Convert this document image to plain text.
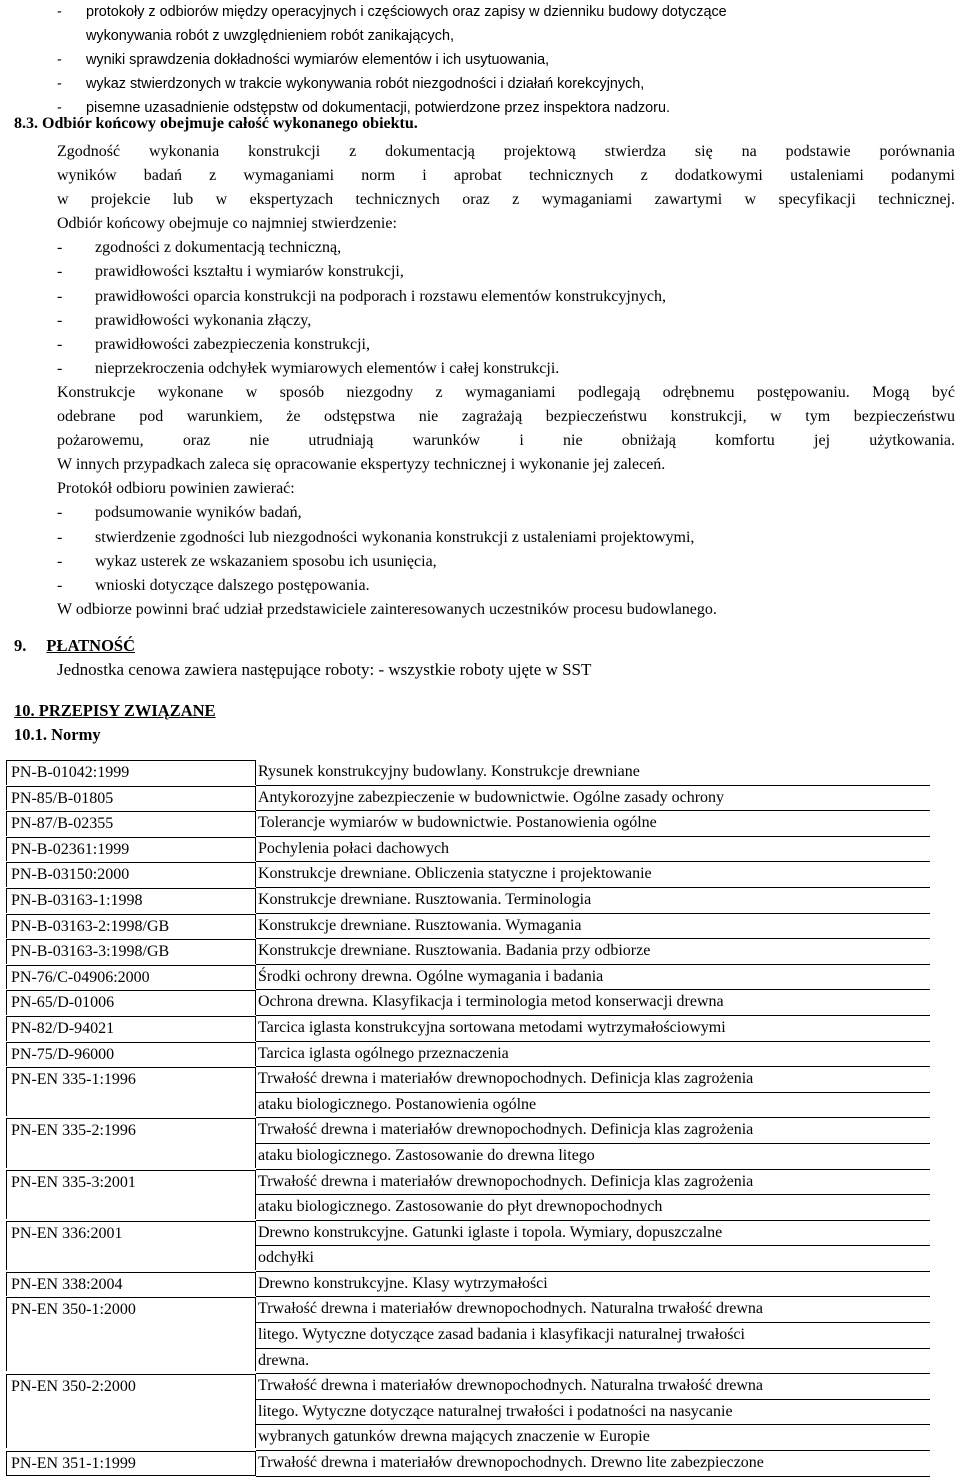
- protokoły z odbiorów między operacyjnych i częściowych oraz zapisy w dzienniku budowy dotyczące
wykonywania robót z uwzględnieniem robót zanikających,
- wyniki sprawdzenia dokładności wymiarów elementów i ich usytuowania,
- wykaz stwierdzonych w trakcie wykonywania robót niezgodności i działań korekcyjnych,
- pisemne uzasadnienie odstępstw od dokumentacji, potwierdzone przez inspektora nadzoru.
8.3. Odbiór końcowy obejmuje całość wykonanego obiektu.
Zgodność wykonania konstrukcji z dokumentacją projektową stwierdza się na podstawie porównania
wyników badań z wymaganiami norm i aprobat technicznych z dodatkowymi ustaleniami podanymi
w projekcie lub w ekspertyzach technicznych oraz z wymaganiami zawartymi w specyfikacji technicznej.
Odbiór końcowy obejmuje co najmniej stwierdzenie:
- zgodności z dokumentacją techniczną,
- prawidłowości kształtu i wymiarów konstrukcji,
- prawidłowości oparcia konstrukcji na podporach i rozstawu elementów konstrukcyjnych,
- prawidłowości wykonania złączy,
- prawidłowości zabezpieczenia konstrukcji,
- nieprzekroczenia odchyłek wymiarowych elementów i całej konstrukcji.
Konstrukcje wykonane w sposób niezgodny z wymaganiami podlegają odrębnemu postępowaniu. Mogą być
odebrane pod warunkiem, że odstępstwa nie zagrażają bezpieczeństwu konstrukcji, w tym bezpieczeństwu
pożarowemu, oraz nie utrudniają warunków i nie obniżają komfortu jej użytkowania.
W innych przypadkach zaleca się opracowanie ekspertyzy technicznej i wykonanie jej zaleceń.
Protokół odbioru powinien zawierać:
- podsumowanie wyników badań,
- stwierdzenie zgodności lub niezgodności wykonania konstrukcji z ustaleniami projektowymi,
- wykaz usterek ze wskazaniem sposobu ich usunięcia,
- wnioski dotyczące dalszego postępowania.
W odbiorze powinni brać udział przedstawiciele zainteresowanych uczestników procesu budowlanego.
9. PŁATNOŚĆ
Jednostka cenowa zawiera następujące roboty: - wszystkie roboty ujęte w SST
10. PRZEPISY ZWIĄZANE
10.1. Normy
PN-B-01042:1999	Rysunek konstrukcyjny budowlany. Konstrukcje drewniane

PN-85/B-01805	Antykorozyjne zabezpieczenie w budownictwie. Ogólne zasady ochrony

PN-87/B-02355	Tolerancje wymiarów w budownictwie. Postanowienia ogólne

PN-B-02361:1999	Pochylenia połaci dachowych

PN-B-03150:2000	Konstrukcje drewniane. Obliczenia statyczne i projektowanie

PN-B-03163-1:1998	Konstrukcje drewniane. Rusztowania. Terminologia

PN-B-03163-2:1998/GB	Konstrukcje drewniane. Rusztowania. Wymagania

PN-B-03163-3:1998/GB	Konstrukcje drewniane. Rusztowania. Badania przy odbiorze

PN-76/C-04906:2000	Środki ochrony drewna. Ogólne wymagania i badania

PN-65/D-01006	Ochrona drewna. Klasyfikacja i terminologia metod konserwacji drewna

PN-82/D-94021	Tarcica iglasta konstrukcyjna sortowana metodami wytrzymałościowymi

PN-75/D-96000	Tarcica iglasta ogólnego przeznaczenia

PN-EN 335-1:1996	Trwałość drewna i materiałów drewnopochodnych. Definicja klas zagrożenia
ataku biologicznego. Postanowienia ogólne

PN-EN 335-2:1996	Trwałość drewna i materiałów drewnopochodnych. Definicja klas zagrożenia
ataku biologicznego. Zastosowanie do drewna litego

PN-EN 335-3:2001	Trwałość drewna i materiałów drewnopochodnych. Definicja klas zagrożenia
ataku biologicznego. Zastosowanie do płyt drewnopochodnych

PN-EN 336:2001	Drewno konstrukcyjne. Gatunki iglaste i topola. Wymiary, dopuszczalne
odchyłki

PN-EN 338:2004	Drewno konstrukcyjne. Klasy wytrzymałości

PN-EN 350-1:2000	Trwałość drewna i materiałów drewnopochodnych. Naturalna trwałość drewna
litego. Wytyczne dotyczące zasad badania i klasyfikacji naturalnej trwałości
drewna.

PN-EN 350-2:2000	Trwałość drewna i materiałów drewnopochodnych. Naturalna trwałość drewna
litego. Wytyczne dotyczące naturalnej trwałości i podatności na nasycanie
wybranych gatunków drewna mających znaczenie w Europie

PN-EN 351-1:1999	Trwałość drewna i materiałów drewnopochodnych. Drewno lite zabezpieczone
